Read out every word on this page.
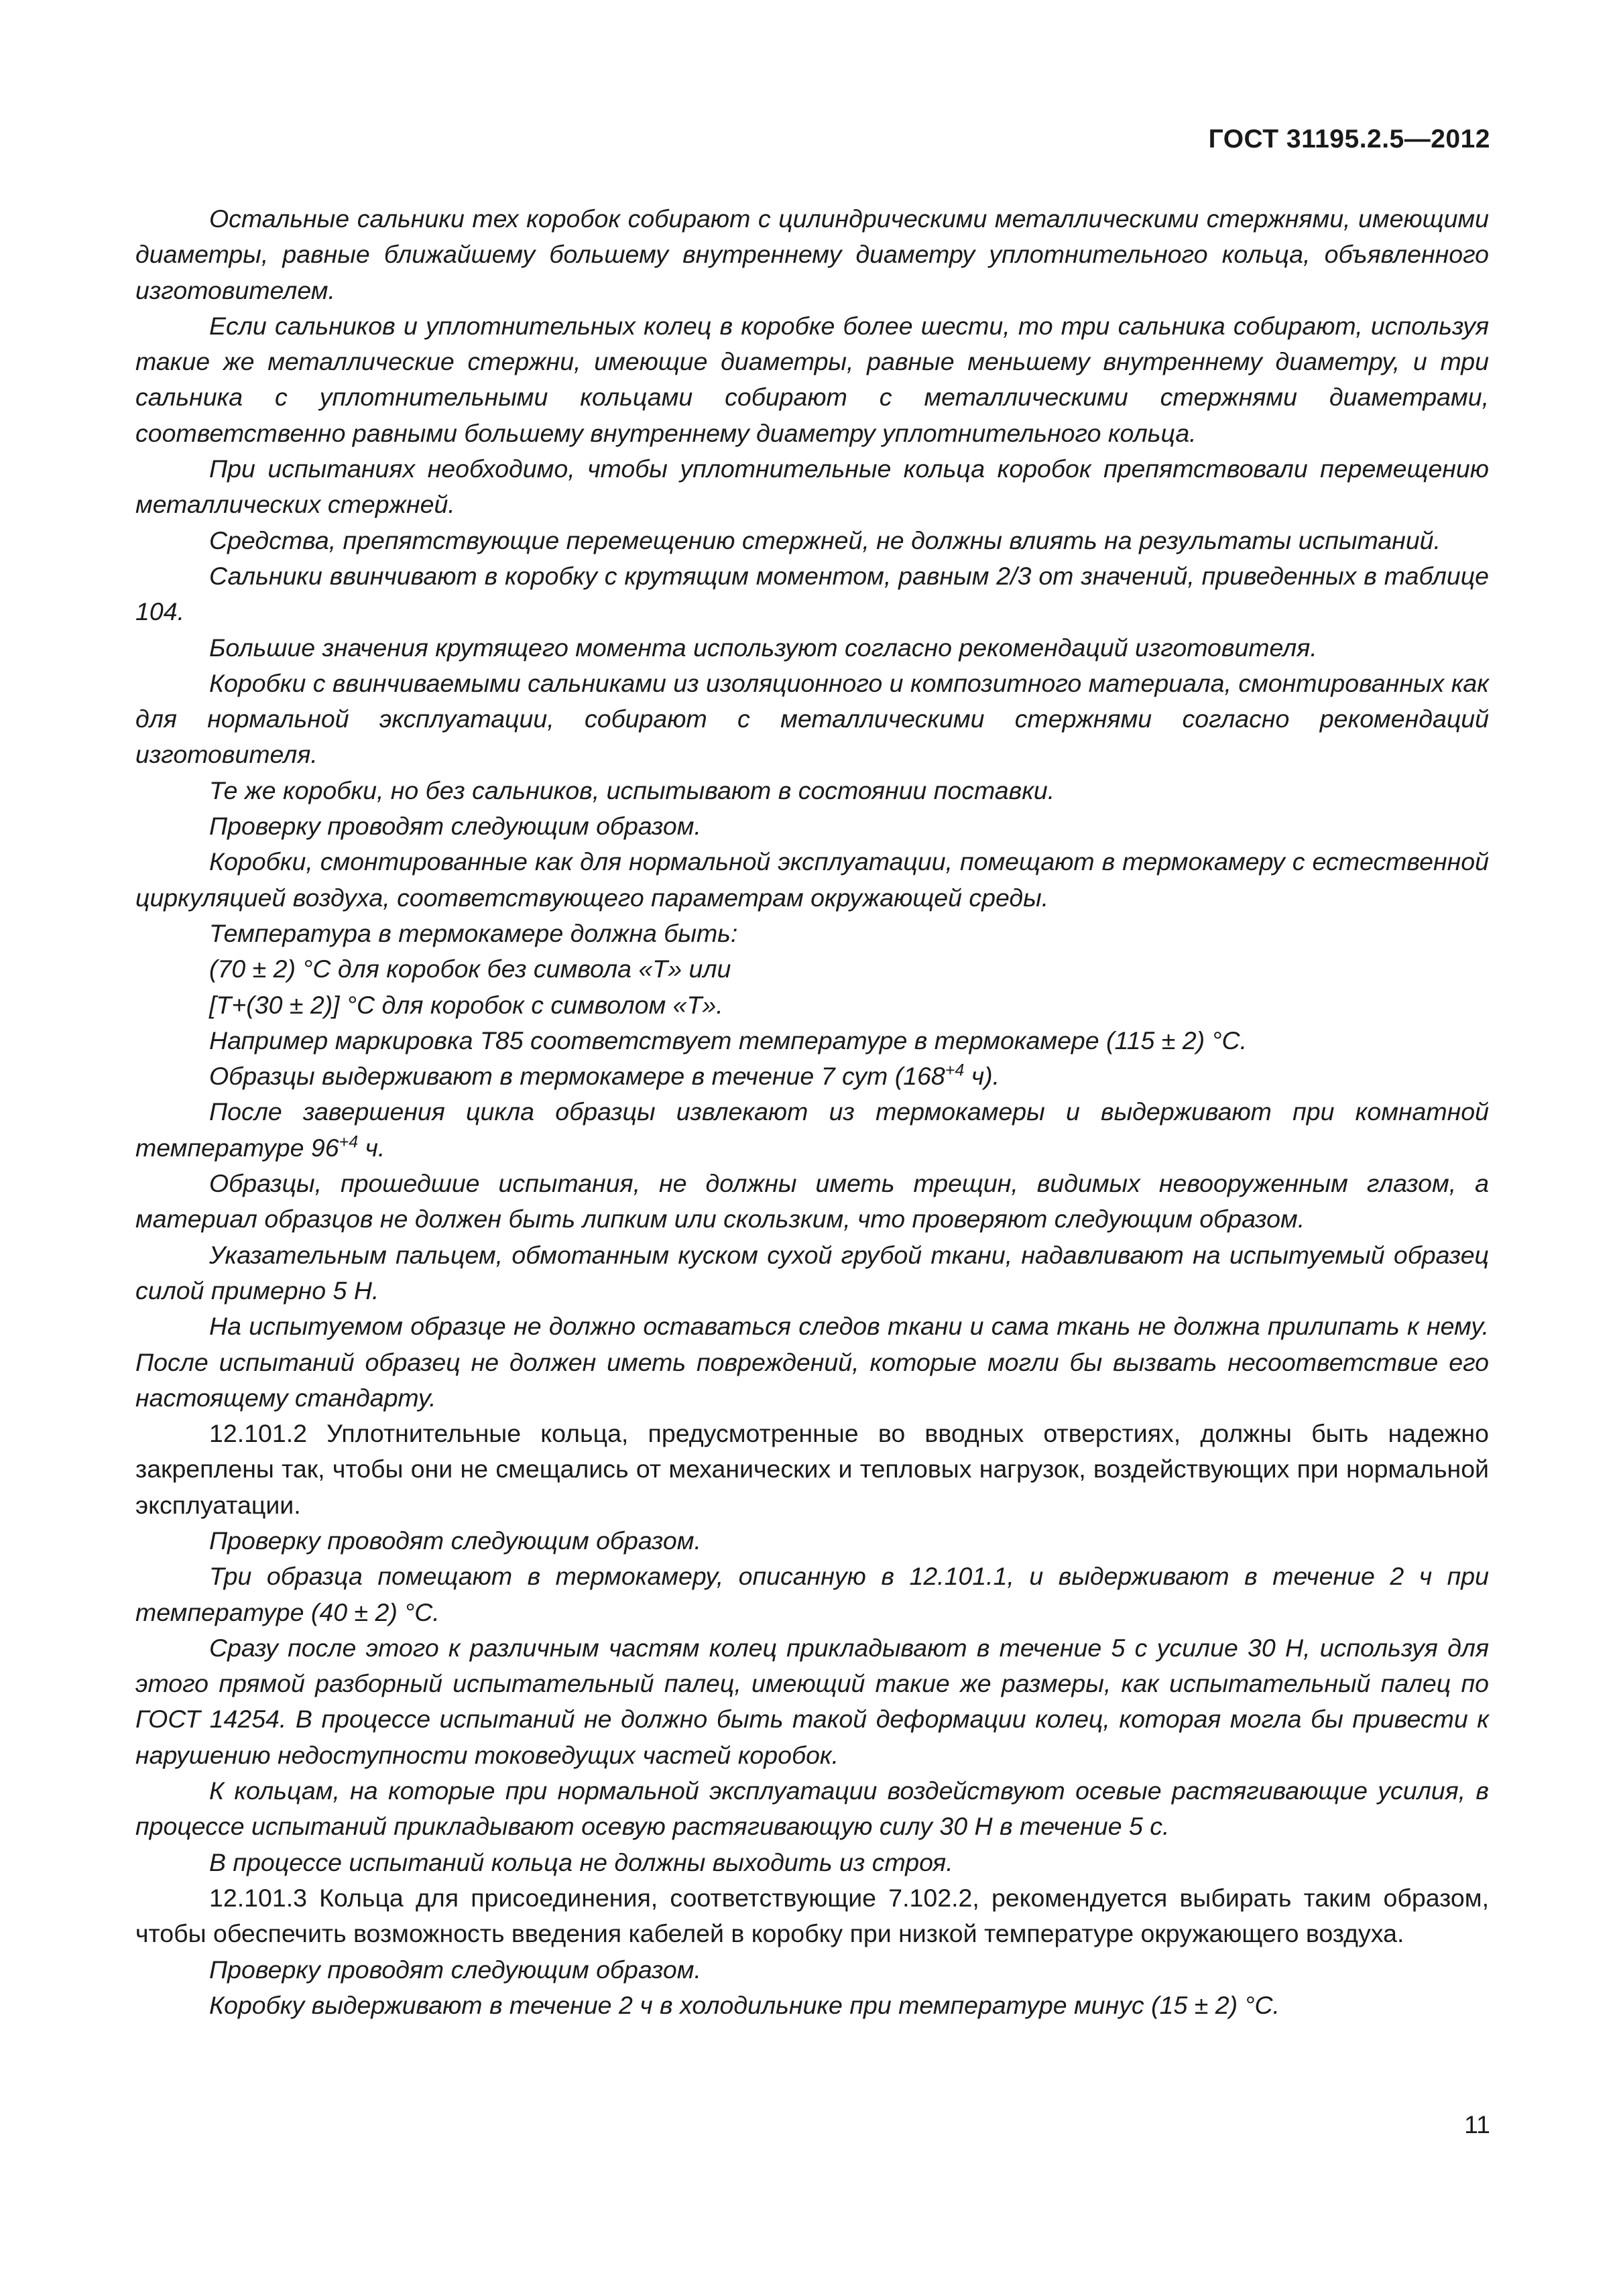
ГОСТ 31195.2.5—2012

Остальные сальники тех коробок собирают с цилиндрическими металлическими стержнями, имеющими диаметры, равные ближайшему большему внутреннему диаметру уплотнительного кольца, объявленного изготовителем.

Если сальников и уплотнительных колец в коробке более шести, то три сальника собирают, используя такие же металлические стержни, имеющие диаметры, равные меньшему внутреннему диаметру, и три сальника с уплотнительными кольцами собирают с металлическими стержнями диаметрами, соответственно равными большему внутреннему диаметру уплотнительного кольца.

При испытаниях необходимо, чтобы уплотнительные кольца коробок препятствовали перемещению металлических стержней.

Средства, препятствующие перемещению стержней, не должны влиять на результаты испытаний.

Сальники ввинчивают в коробку с крутящим моментом, равным 2/3 от значений, приведенных в таблице 104.

Большие значения крутящего момента используют согласно рекомендаций изготовителя.

Коробки с ввинчиваемыми сальниками из изоляционного и композитного материала, смонтированных как для нормальной эксплуатации, собирают с металлическими стержнями согласно рекомендаций изготовителя.

Те же коробки, но без сальников, испытывают в состоянии поставки.

Проверку проводят следующим образом.

Коробки, смонтированные как для нормальной эксплуатации, помещают в термокамеру с естественной циркуляцией воздуха, соответствующего параметрам окружающей среды.

Температура в термокамере должна быть:

(70 ± 2) °С для коробок без символа «Т» или

[Т+(30 ± 2)] °С для коробок с символом «Т».

Например маркировка Т85 соответствует температуре в термокамере (115 ± 2) °С.

Образцы выдерживают в термокамере в течение 7 сут ($168^{+4}$ ч).

После завершения цикла образцы извлекают из термокамеры и выдерживают при комнатной температуре $96^{+4}$ ч.

Образцы, прошедшие испытания, не должны иметь трещин, видимых невооруженным глазом, а материал образцов не должен быть липким или скользким, что проверяют следующим образом.

Указательным пальцем, обмотанным куском сухой грубой ткани, надавливают на испытуемый образец силой примерно 5 Н.

На испытуемом образце не должно оставаться следов ткани и сама ткань не должна прилипать к нему. После испытаний образец не должен иметь повреждений, которые могли бы вызвать несоответствие его настоящему стандарту.

12.101.2 Уплотнительные кольца, предусмотренные во вводных отверстиях, должны быть надежно закреплены так, чтобы они не смещались от механических и тепловых нагрузок, воздействующих при нормальной эксплуатации.

Проверку проводят следующим образом.

Три образца помещают в термокамеру, описанную в 12.101.1, и выдерживают в течение 2 ч при температуре (40 ± 2) °С.

Сразу после этого к различным частям колец прикладывают в течение 5 с усилие 30 Н, используя для этого прямой разборный испытательный палец, имеющий такие же размеры, как испытательный палец по ГОСТ 14254. В процессе испытаний не должно быть такой деформации колец, которая могла бы привести к нарушению недоступности токоведущих частей коробок.

К кольцам, на которые при нормальной эксплуатации воздействуют осевые растягивающие усилия, в процессе испытаний прикладывают осевую растягивающую силу 30 Н в течение 5 с.

В процессе испытаний кольца не должны выходить из строя.

12.101.3 Кольца для присоединения, соответствующие 7.102.2, рекомендуется выбирать таким образом, чтобы обеспечить возможность введения кабелей в коробку при низкой температуре окружающего воздуха.

Проверку проводят следующим образом.

Коробку выдерживают в течение 2 ч в холодильнике при температуре минус (15 ± 2) °С.

11
